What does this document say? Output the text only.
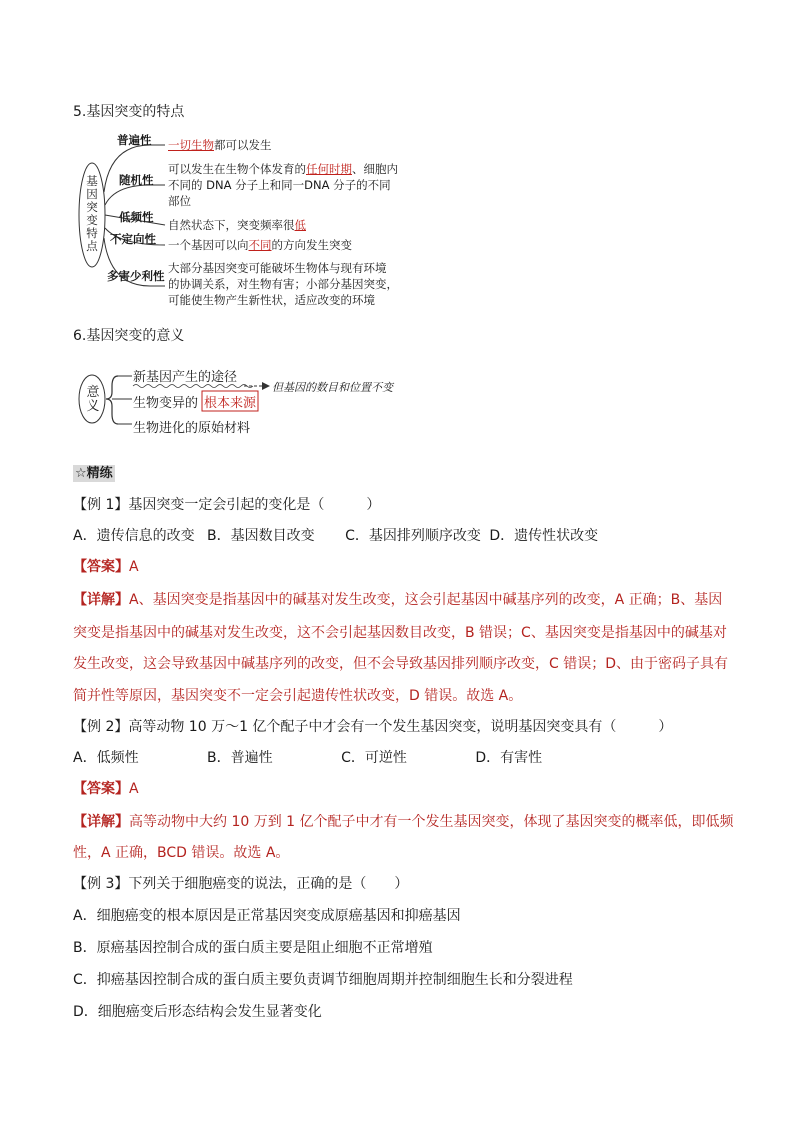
5.基因突变的特点
基
因
突
变
特
点
普遍性
随机性
低频性
不定向性
多害少利性
一切生物都可以发生
可以发生在生物个体发育的任何时期、细胞内
不同的 DNA 分子上和同一DNA 分子的不同
部位
自然状态下，突变频率很低
一个基因可以向不同的方向发生突变
大部分基因突变可能破坏生物体与现有环境
的协调关系，对生物有害；小部分基因突变，
可能使生物产生新性状，适应改变的环境
6.基因突变的意义
意
义
新基因产生的途径
生物变异的 根本来源
生物进化的原始材料
但基因的数目和位置不变
☆精练
【例 1】基因突变一定会引起的变化是（　　　）
A．遗传信息的改变 B．基因数目改变 C．基因排列顺序改变 D．遗传性状改变
【答案】A
【详解】A、基因突变是指基因中的碱基对发生改变，这会引起基因中碱基序列的改变，A 正确；B、基因
突变是指基因中的碱基对发生改变，这不会引起基因数目改变，B 错误；C、基因突变是指基因中的碱基对
发生改变，这会导致基因中碱基序列的改变，但不会导致基因排列顺序改变，C 错误；D、由于密码子具有
简并性等原因，基因突变不一定会引起遗传性状改变，D 错误。故选 A。
【例 2】高等动物 10 万～1 亿个配子中才会有一个发生基因突变，说明基因突变具有（　　　）
A．低频性	B．普遍性	C．可逆性	D．有害性
【答案】A
【详解】高等动物中大约 10 万到 1 亿个配子中才有一个发生基因突变，体现了基因突变的概率低，即低频
性，A 正确，BCD 错误。故选 A。
【例 3】下列关于细胞癌变的说法，正确的是（　　）
A．细胞癌变的根本原因是正常基因突变成原癌基因和抑癌基因
B．原癌基因控制合成的蛋白质主要是阻止细胞不正常增殖
C．抑癌基因控制合成的蛋白质主要负责调节细胞周期并控制细胞生长和分裂进程
D．细胞癌变后形态结构会发生显著变化
